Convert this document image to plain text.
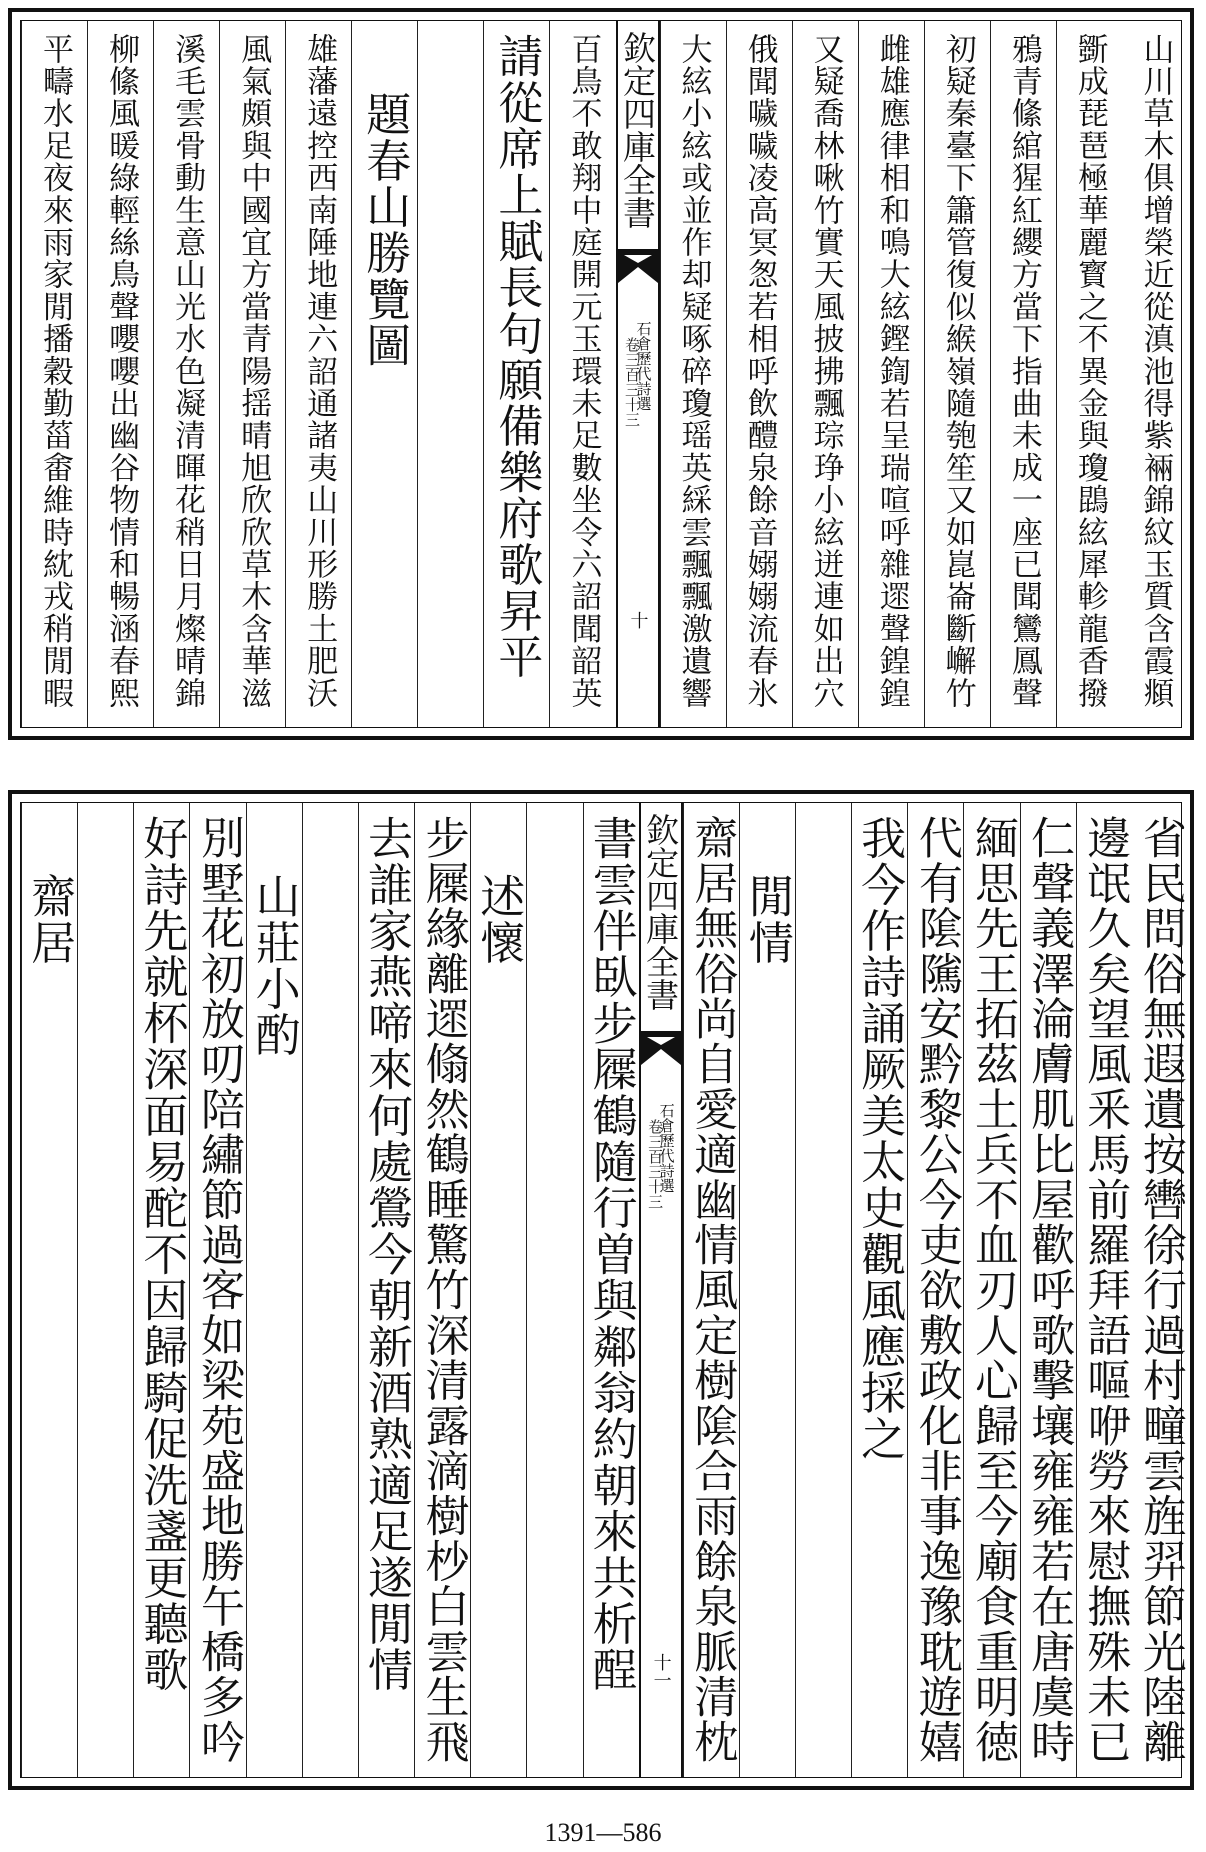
山川草木俱增榮近從滇池得紫裲錦紋玉質含霞頫
斵成琵琶極華麗寳之不異金與瓊鵾絃犀軫龍香撥
鴉青絛綰猩紅纓方當下指曲未成一座已聞鸞鳳聲
初疑秦臺下簫管復似緱嶺隨匏笙又如崑崙斷嶰竹
雌雄應律相和鳴大絃鏗鍧若呈瑞喧呼雜遝聲鍠鍠
又疑喬林啾竹實天風披拂飄琮琤小絃迸連如出穴
俄聞噦噦凌高冥怱若相呼飲醴泉餘音嫋嫋流春氷
大絃小絃或並作却疑啄碎瓊瑶英綵雲飄飄激遺響
欽定四庫全書
石倉歷代詩選
卷三百三十三
十
百鳥不敢翔中庭開元玉環未足數坐令六詔聞韶英
請從席上賦長句願備樂府歌昇平
題春山勝覽圖
雄藩遠控西南陲地連六詔通諸夷山川形勝土肥沃
風氣頗與中國宜方當青陽揺晴旭欣欣草木含華滋
溪毛雲骨動生意山光水色凝清暉花稍日月燦晴錦
柳絛風暖綠輕絲鳥聲嚶嚶出幽谷物情和暢涵春熙
平疇水足夜來雨家閒播穀勤菑畬維時紞戎稍閒暇
省民問俗無遐遺按轡徐行過村疃雲旌羿節光陸離
邊氓久矣望風釆馬前羅拜語嘔咿勞來慰撫殊未已
仁聲義澤淪膚肌比屋歡呼歌擊壤雍雍若在唐虞時
緬思先王拓茲土兵不血刃人心歸至今廟食重明徳
代有隂隲安黔黎公今吏欲敷政化非事逸豫耽遊嬉
我今作詩誦厥美太史觀風應採之
閒情
齋居無俗尚自愛適幽情風定樹隂合雨餘泉脈清枕
欽定四庫全書
石倉歷代詩選
卷三百三十三
十一
書雲伴臥步屧鶴隨行曽與鄰翁約朝來共析酲
述懷
步屧緣離遝翛然鶴睡驚竹深清露滴樹杪白雲生飛
去誰家燕啼來何處鶯今朝新酒熟適足遂閒情
山莊小酌
別墅花初放叨陪繡節過客如梁苑盛地勝午橋多吟
好詩先就杯深面易酡不因歸騎促洗盞更聽歌
齋居
1391—586
